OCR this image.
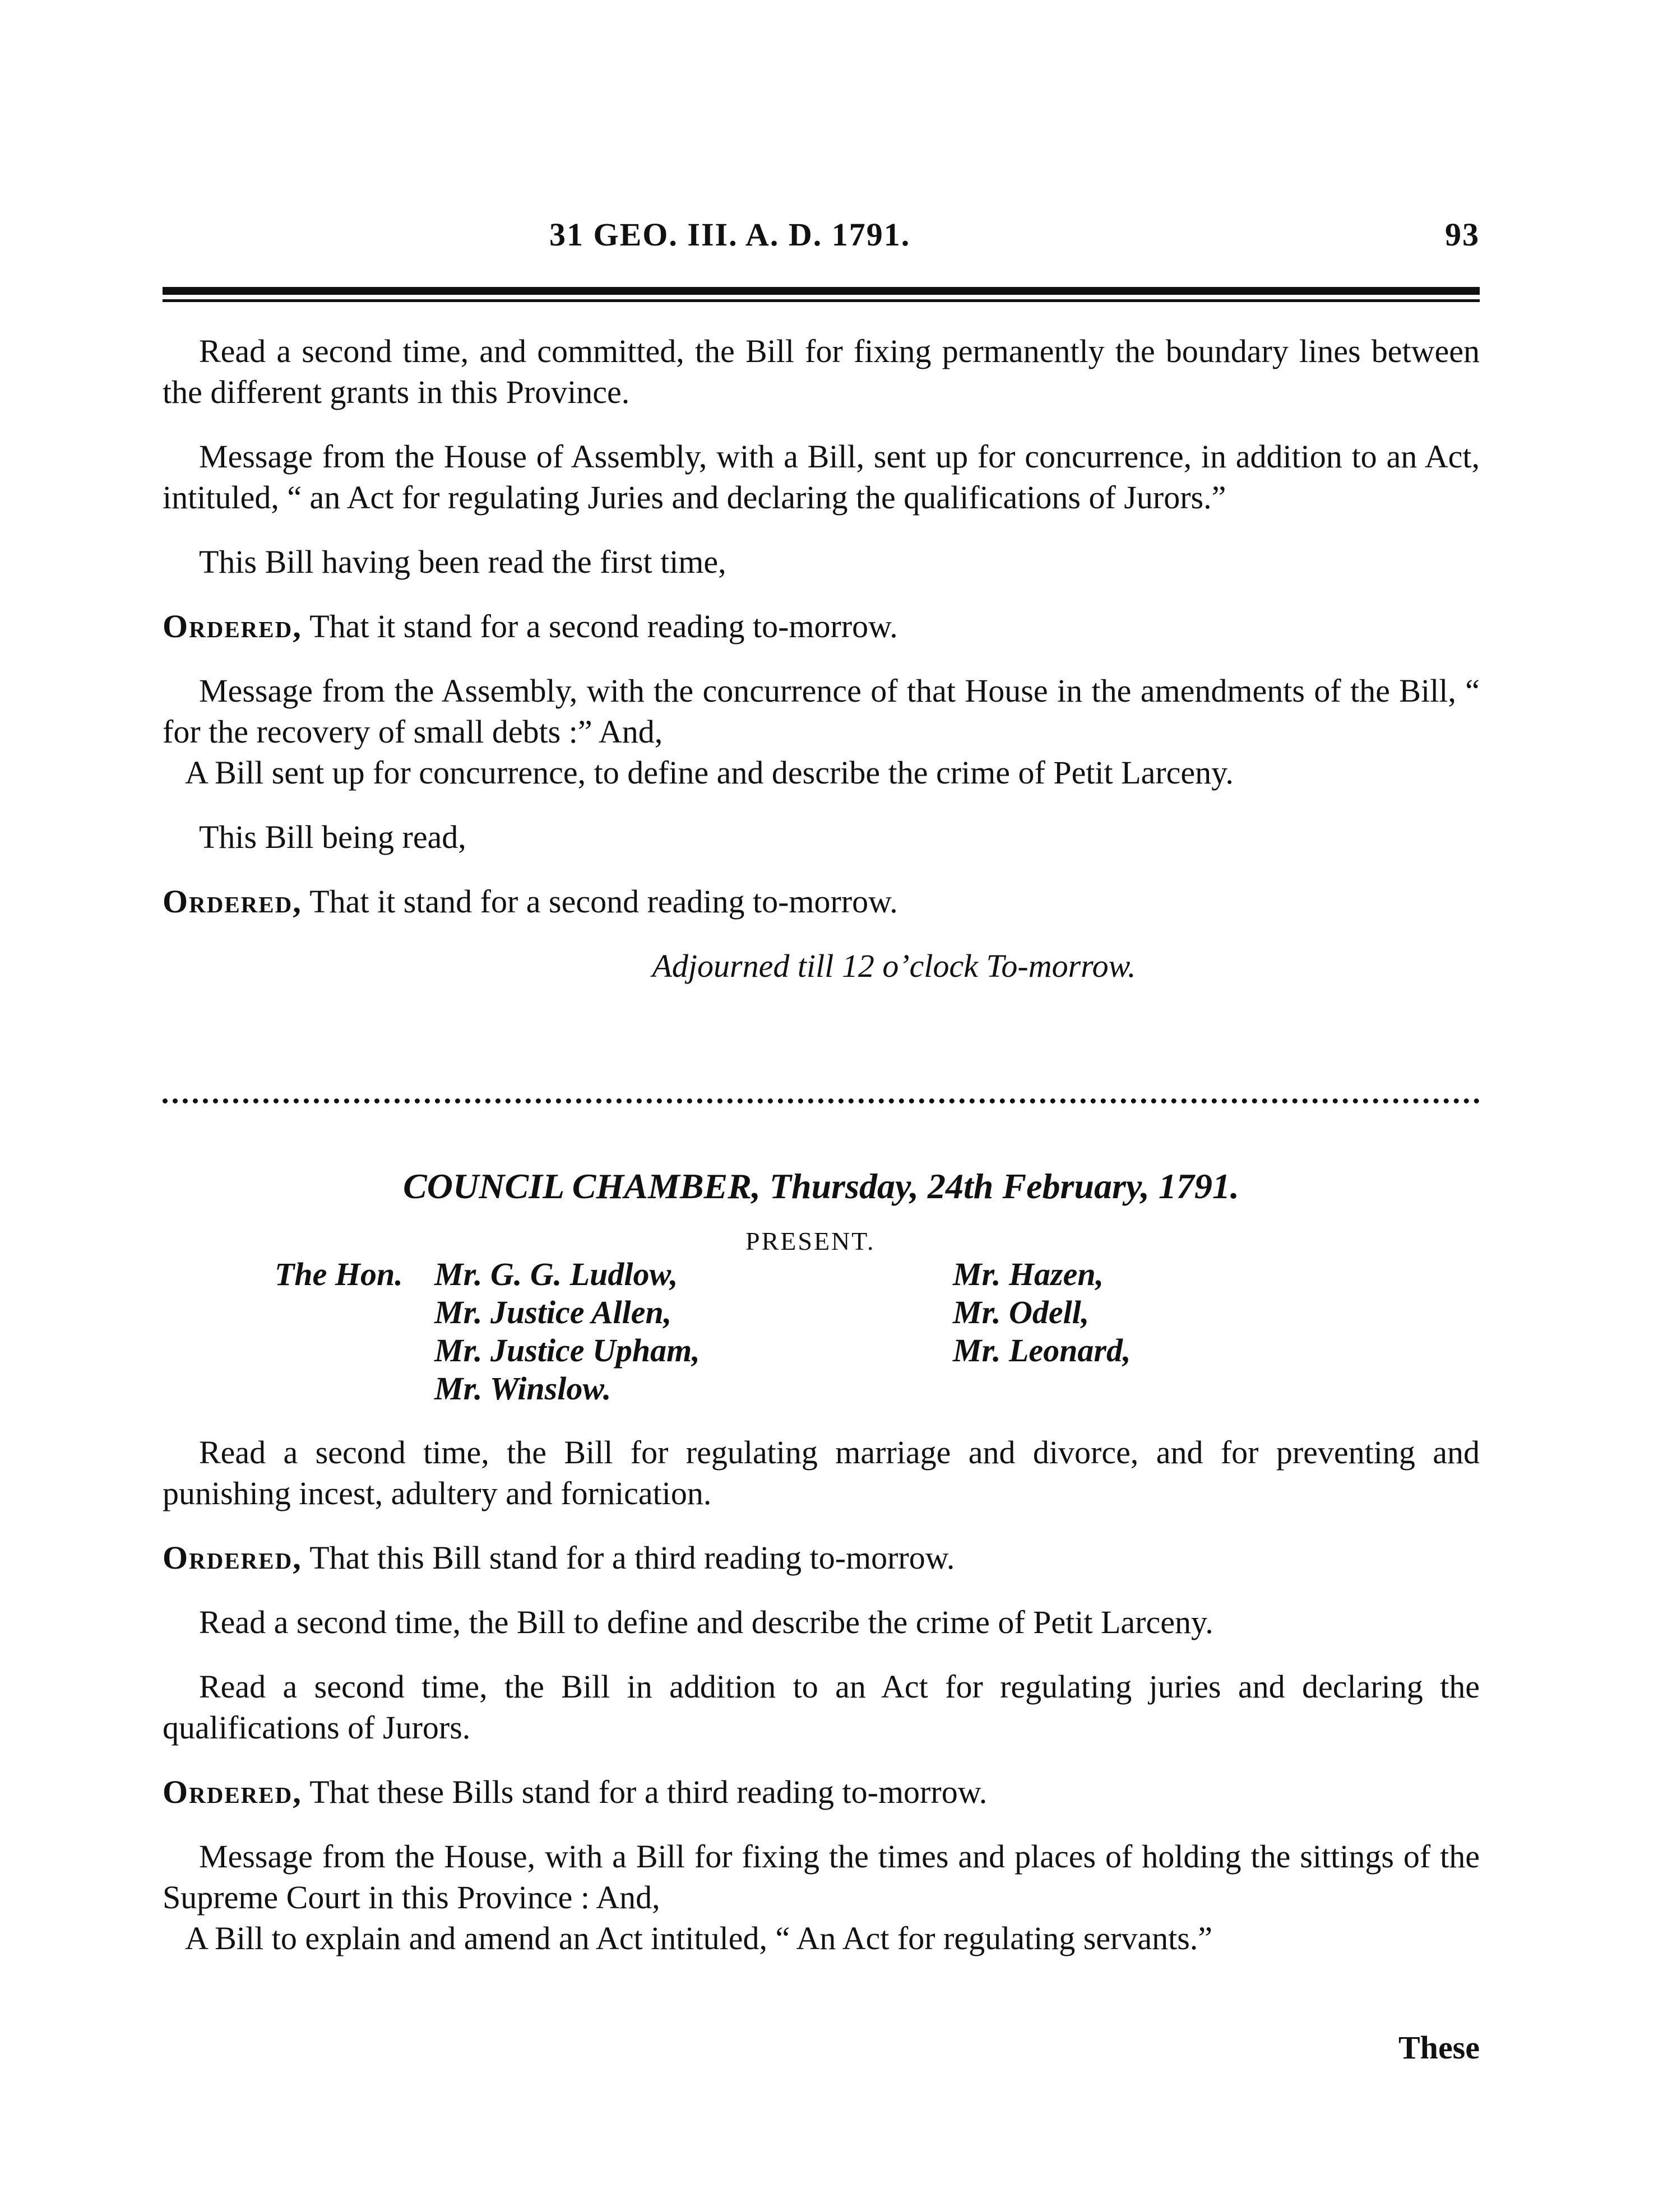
31 GEO. III. A. D. 1791.	93

Read a second time, and committed, the Bill for fixing permanently the boundary lines between the different grants in this Province.

Message from the House of Assembly, with a Bill, sent up for concurrence, in addition to an Act, intituled, “ an Act for regulating Juries and declaring the qualifications of Jurors.”

This Bill having been read the first time,

Ordered, That it stand for a second reading to-morrow.

Message from the Assembly, with the concurrence of that House in the amendments of the Bill, “ for the recovery of small debts :” And,

A Bill sent up for concurrence, to define and describe the crime of Petit Larceny.

This Bill being read,

Ordered, That it stand for a second reading to-morrow.

Adjourned till 12 o’clock To-morrow.

COUNCIL CHAMBER, Thursday, 24th February, 1791.
PRESENT.
The Hon. Mr. G. G. Ludlow,
Mr. Justice Allen,
Mr. Justice Upham,
Mr. Winslow.
Mr. Hazen,
Mr. Odell,
Mr. Leonard,

Read a second time, the Bill for regulating marriage and divorce, and for preventing and punishing incest, adultery and fornication.

Ordered, That this Bill stand for a third reading to-morrow.

Read a second time, the Bill to define and describe the crime of Petit Larceny.

Read a second time, the Bill in addition to an Act for regulating juries and declaring the qualifications of Jurors.

Ordered, That these Bills stand for a third reading to-morrow.

Message from the House, with a Bill for fixing the times and places of holding the sittings of the Supreme Court in this Province : And,

A Bill to explain and amend an Act intituled, “ An Act for regulating servants.”

These
